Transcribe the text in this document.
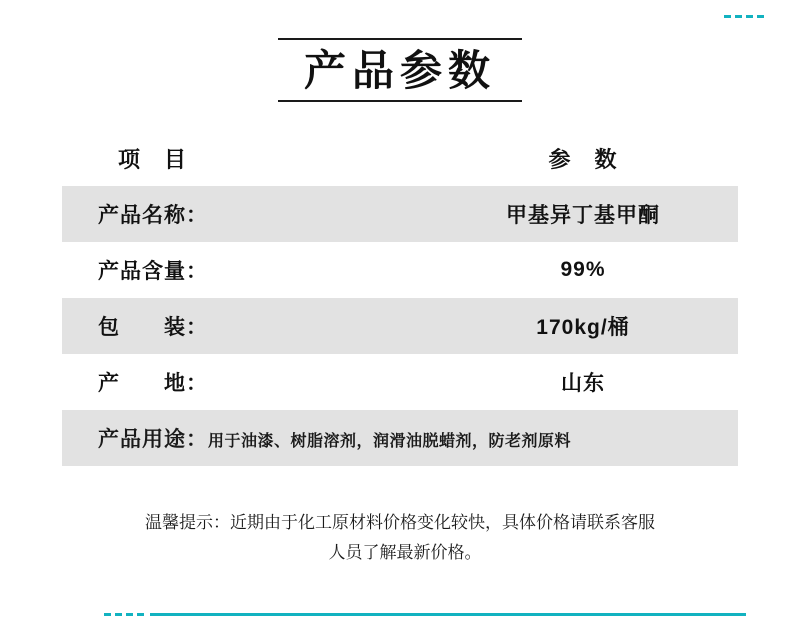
产品参数
项　目	参　数
产品名称：	甲基异丁基甲酮
产品含量：	99%
包　　装：	170kg/桶
产　　地：	山东
产品用途：用于油漆、树脂溶剂，润滑油脱蜡剂，防老剂原料	
温馨提示：近期由于化工原材料价格变化较快，具体价格请联系客服
人员了解最新价格。
